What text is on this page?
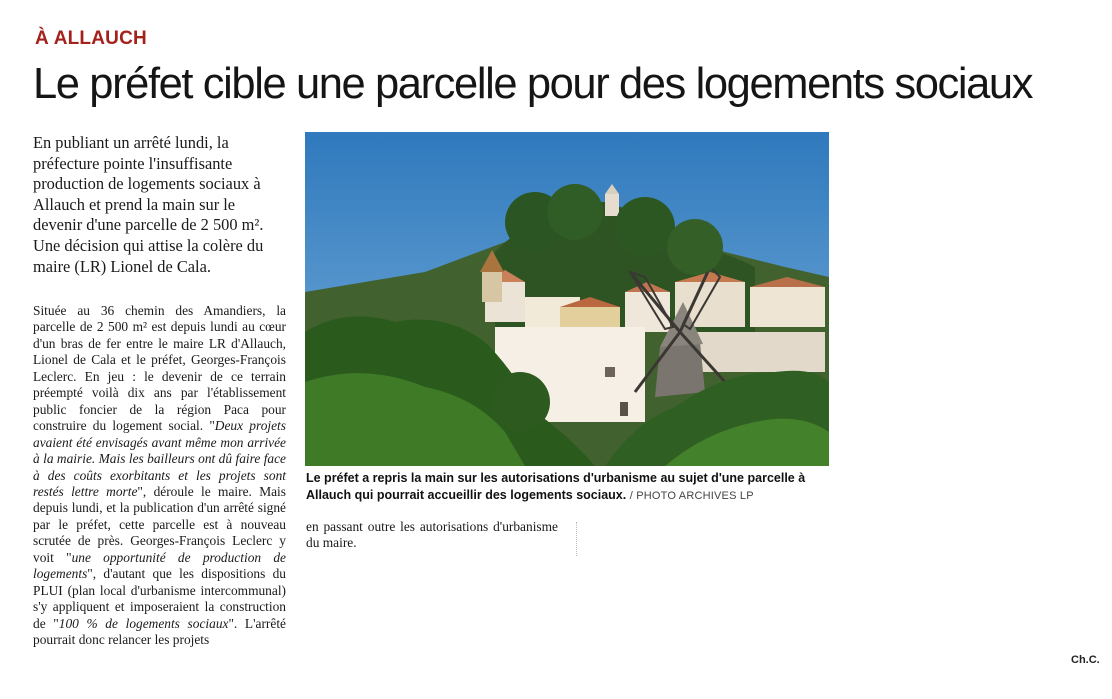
À ALLAUCH
Le préfet cible une parcelle pour des logements sociaux
En publiant un arrêté lundi, la préfecture pointe l'insuffisante production de logements sociaux à Allauch et prend la main sur le devenir d'une parcelle de 2 500 m². Une décision qui attise la colère du maire (LR) Lionel de Cala.

Située au 36 chemin des Amandiers, la parcelle de 2 500 m² est depuis lundi au cœur d'un bras de fer entre le maire LR d'Allauch, Lionel de Cala et le préfet, Georges-François Leclerc. En jeu : le devenir de ce terrain préempté voilà dix ans par l'établissement public foncier de la région Paca pour construire du logement social. "Deux projets avaient été envisagés avant même mon arrivée à la mairie. Mais les bailleurs ont dû faire face à des coûts exorbitants et les projets sont restés lettre morte", déroule le maire. Mais depuis lundi, et la publication d'un arrêté signé par le préfet, cette parcelle est à nouveau scrutée de près. Georges-François Leclerc y voit "une opportunité de production de logements", d'autant que les dispositions du PLUI (plan local d'urbanisme intercommunal) s'y appliquent et imposeraient la construction de "100 % de logements sociaux". L'arrêté pourrait donc relancer les projets

Le préfet a repris la main sur les autorisations d'urbanisme au sujet d'une parcelle à Allauch qui pourrait accueillir des logements sociaux. / PHOTO ARCHIVES LP
en passant outre les autorisations d'urbanisme du maire.
Ch.C.
